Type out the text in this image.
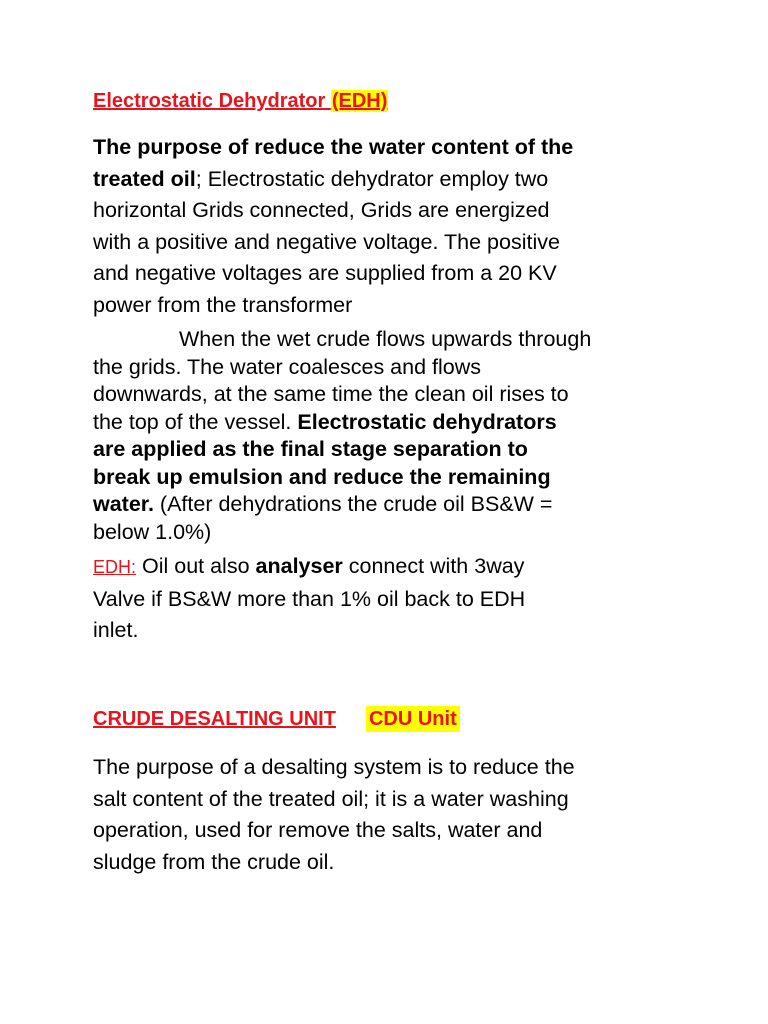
Electrostatic Dehydrator (EDH)
The purpose of reduce the water content of the
treated oil; Electrostatic dehydrator employ two
horizontal Grids connected, Grids are energized
with a positive and negative voltage. The positive
and negative voltages are supplied from a 20 KV
power from the transformer
When the wet crude flows upwards through
the grids. The water coalesces and flows
downwards, at the same time the clean oil rises to
the top of the vessel. Electrostatic dehydrators
are applied as the final stage separation to
break up emulsion and reduce the remaining
water. (After dehydrations the crude oil BS&W =
below 1.0%)
EDH: Oil out also analyser connect with 3way
Valve if BS&W more than 1% oil back to EDH
inlet.
CRUDE DESALTING UNIT CDU Unit
The purpose of a desalting system is to reduce the
salt content of the treated oil; it is a water washing
operation, used for remove the salts, water and
sludge from the crude oil.
